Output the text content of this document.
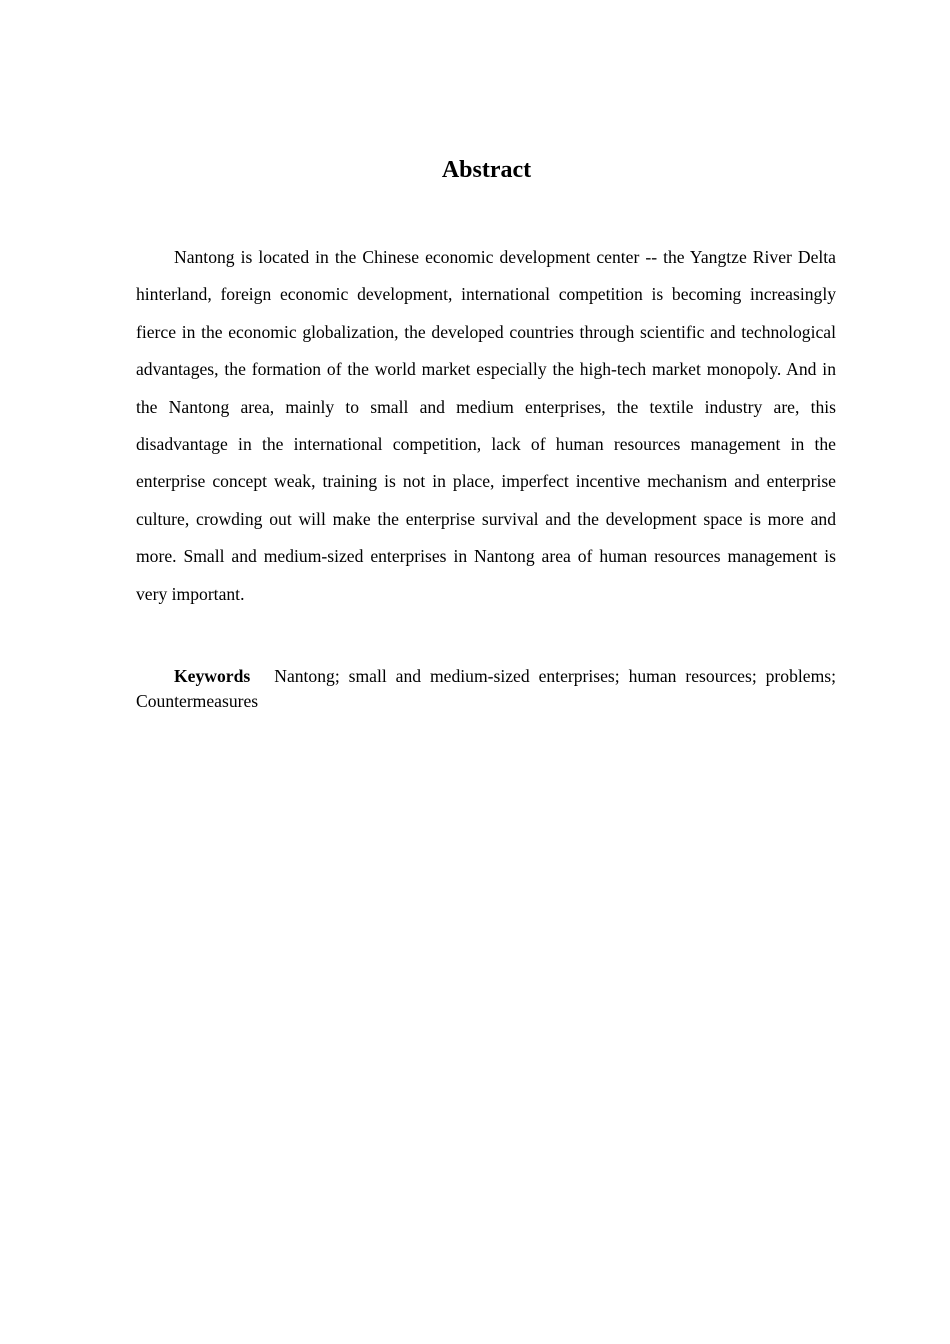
Abstract

Nantong is located in the Chinese economic development center -- the Yangtze River Delta hinterland, foreign economic development, international competition is becoming increasingly fierce in the economic globalization, the developed countries through scientific and technological advantages, the formation of the world market especially the high-tech market monopoly. And in the Nantong area, mainly to small and medium enterprises, the textile industry are, this disadvantage in the international competition, lack of human resources management in the enterprise concept weak, training is not in place, imperfect incentive mechanism and enterprise culture, crowding out will make the enterprise survival and the development space is more and more. Small and medium-sized enterprises in Nantong area of human resources management is very important.

Keywords Nantong; small and medium-sized enterprises; human resources; problems; Countermeasures
